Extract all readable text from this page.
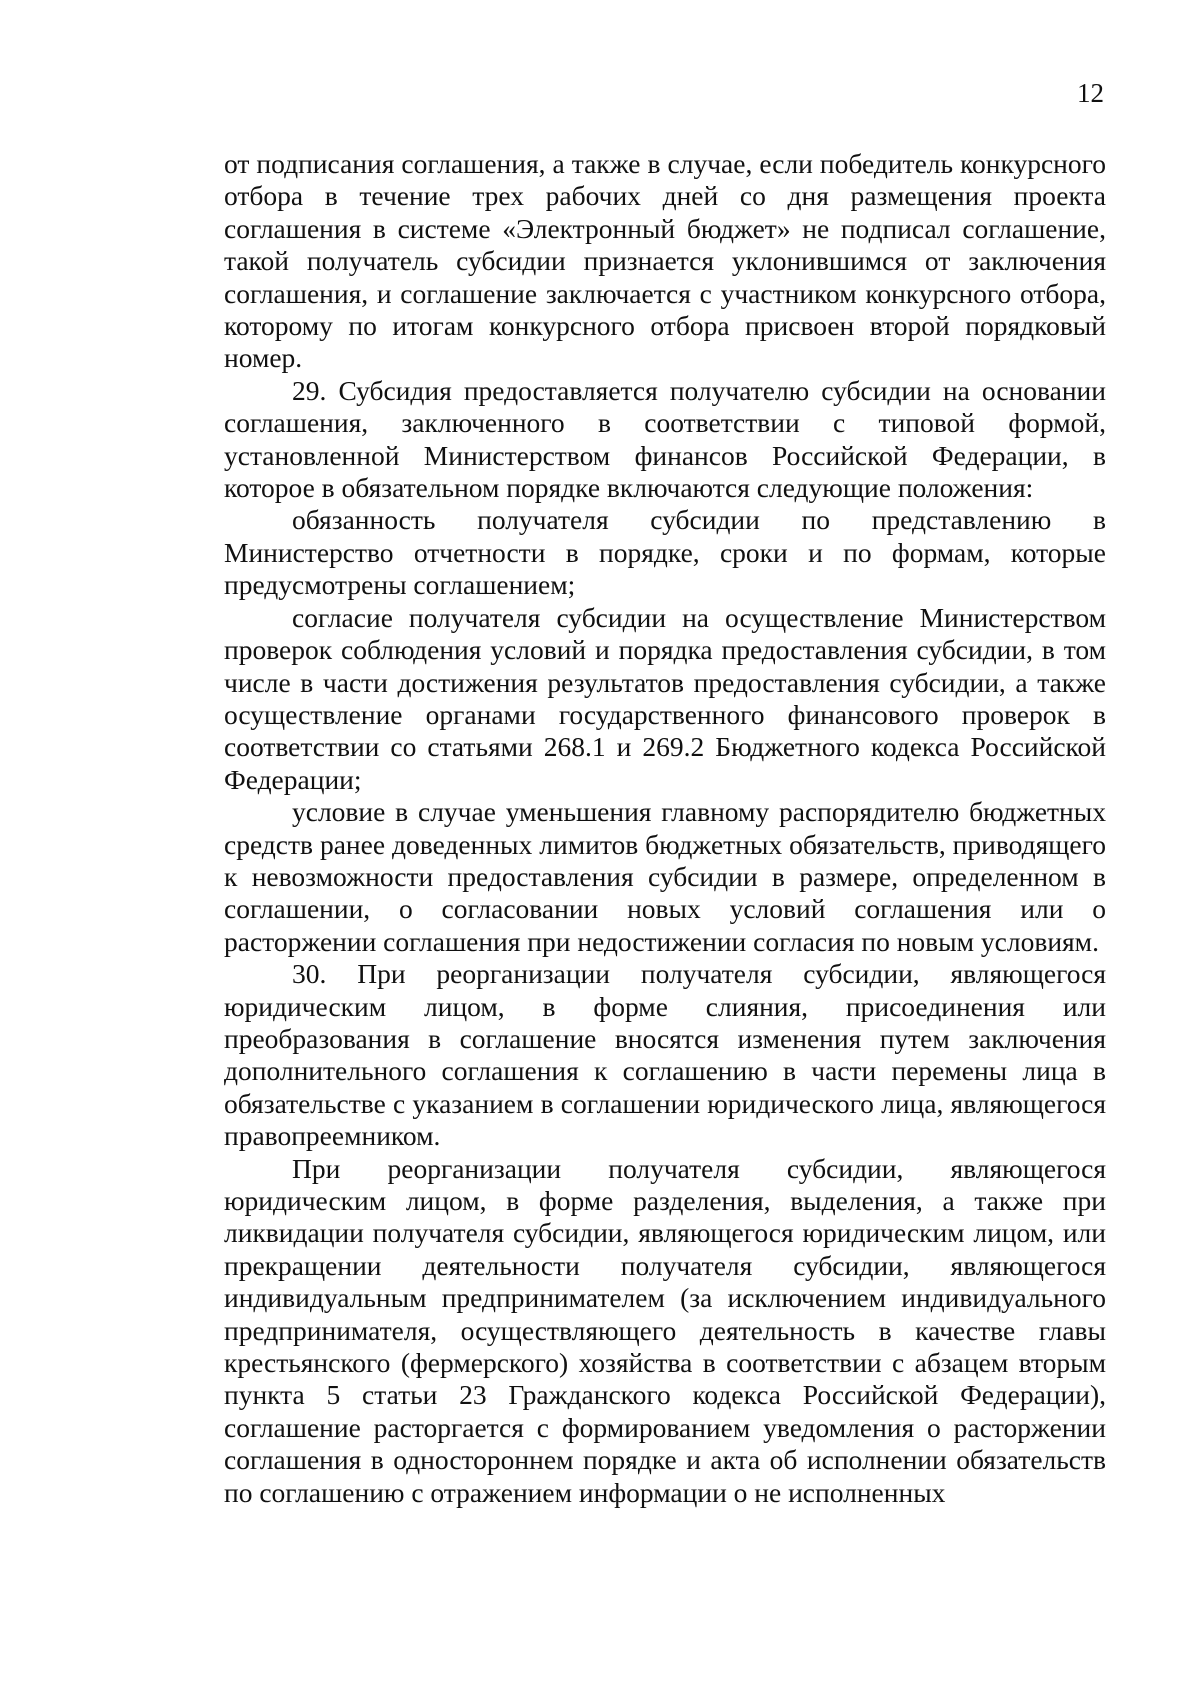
12

от подписания соглашения, а также в случае, если победитель конкурсного отбора в течение трех рабочих дней со дня размещения проекта соглашения в системе «Электронный бюджет» не подписал соглашение, такой получатель субсидии признается уклонившимся от заключения соглашения, и соглашение заключается с участником конкурсного отбора, которому по итогам конкурсного отбора присвоен второй порядковый номер.

29. Субсидия предоставляется получателю субсидии на основании соглашения, заключенного в соответствии с типовой формой, установленной Министерством финансов Российской Федерации, в которое в обязательном порядке включаются следующие положения:

обязанность получателя субсидии по представлению в Министерство отчетности в порядке, сроки и по формам, которые предусмотрены соглашением;

согласие получателя субсидии на осуществление Министерством проверок соблюдения условий и порядка предоставления субсидии, в том числе в части достижения результатов предоставления субсидии, а также осуществление органами государственного финансового проверок в соответствии со статьями 268.1 и 269.2 Бюджетного кодекса Российской Федерации;

условие в случае уменьшения главному распорядителю бюджетных средств ранее доведенных лимитов бюджетных обязательств, приводящего к невозможности предоставления субсидии в размере, определенном в соглашении, о согласовании новых условий соглашения или о расторжении соглашения при недостижении согласия по новым условиям.

30. При реорганизации получателя субсидии, являющегося юридическим лицом, в форме слияния, присоединения или преобразования в соглашение вносятся изменения путем заключения дополнительного соглашения к соглашению в части перемены лица в обязательстве с указанием в соглашении юридического лица, являющегося правопреемником.

При реорганизации получателя субсидии, являющегося юридическим лицом, в форме разделения, выделения, а также при ликвидации получателя субсидии, являющегося юридическим лицом, или прекращении деятельности получателя субсидии, являющегося индивидуальным предпринимателем (за исключением индивидуального предпринимателя, осуществляющего деятельность в качестве главы крестьянского (фермерского) хозяйства в соответствии с абзацем вторым пункта 5 статьи 23 Гражданского кодекса Российской Федерации), соглашение расторгается с формированием уведомления о расторжении соглашения в одностороннем порядке и акта об исполнении обязательств по соглашению с отражением информации о не исполненных
